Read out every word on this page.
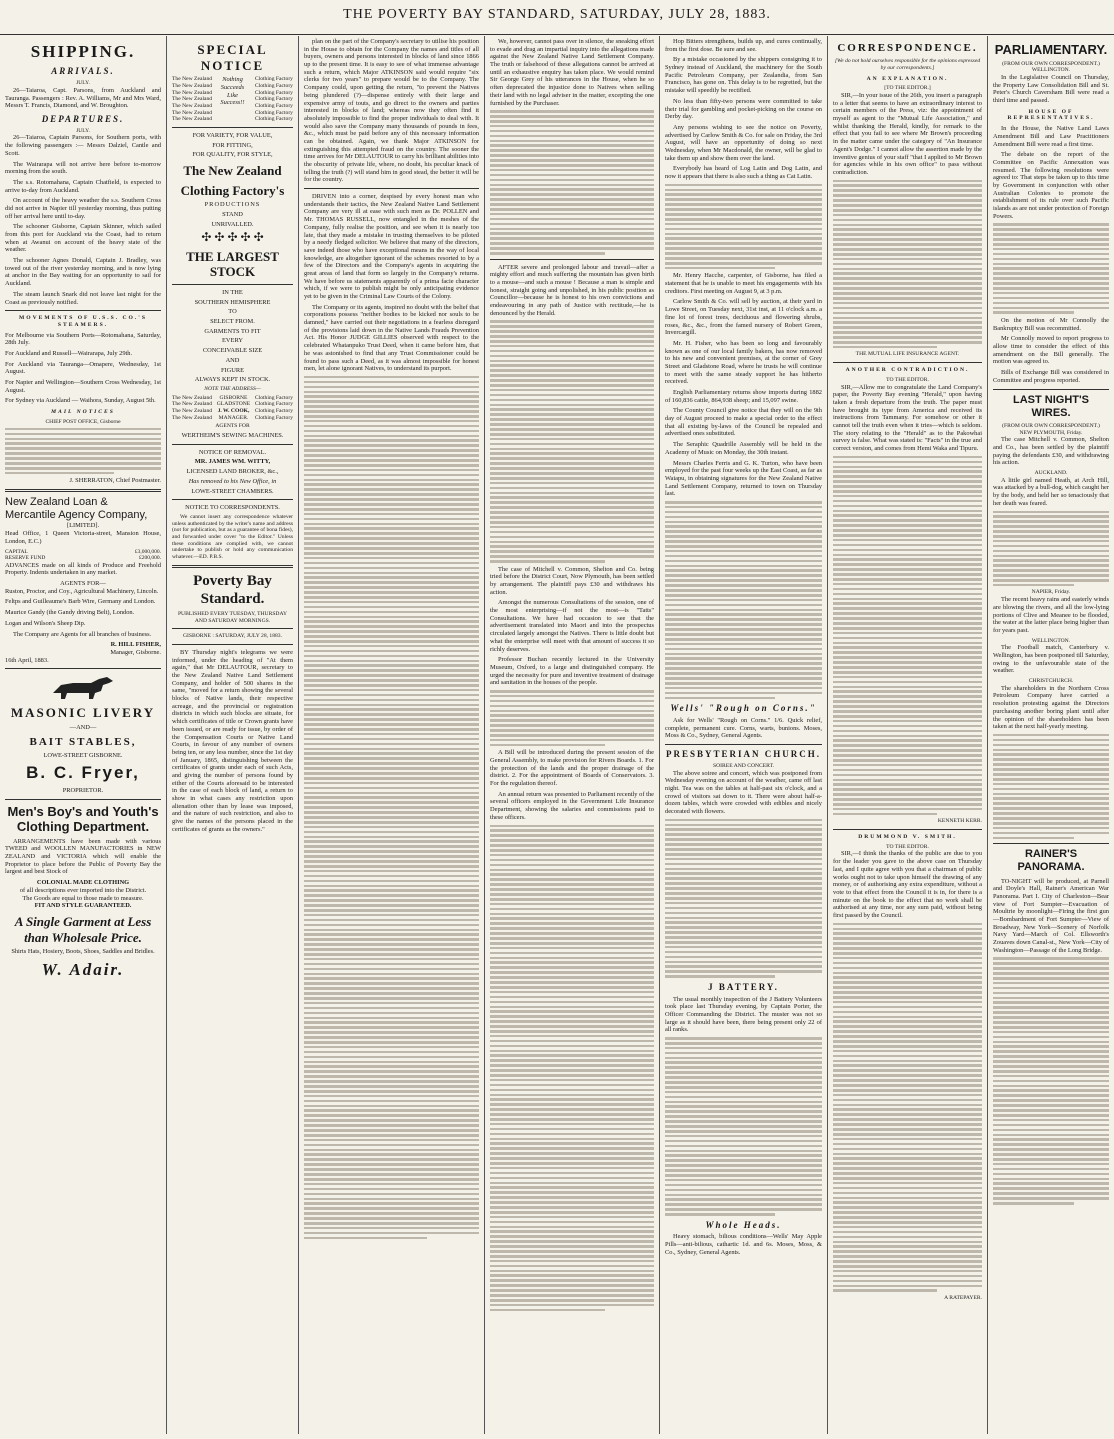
THE POVERTY BAY STANDARD, SATURDAY, JULY 28, 1883.
SHIPPING.
ARRIVALS.
JULY.

26—Taiaroa, Capt. Parsons, from Auckland and Tauranga. Passengers : Rev. A. Williams, Mr and Mrs Ward, Messrs T. Francis, Diamond, and W. Broughton.

DEPARTURES.
JULY.

26—Taiaroa, Captain Parsons, for Southern ports, with the following passengers :— Messrs Dalziel, Cantle and Scott.

The Wairarapa will not arrive here before to-morrow morning from the south.

The s.s. Rotomahana, Captain Chatfield, is expected to arrive to-day from Auckland.

On account of the heavy weather the s.s. Southern Cross did not arrive in Napier till yesterday morning, thus putting off her arrival here until to-day.

The schooner Gisborne, Captain Skinner, which sailed from this port for Auckland via the Coast, had to return when at Awanui on account of the heavy state of the weather.

The schooner Agnes Donald, Captain J. Bradley, was towed out of the river yesterday morning, and is now lying at anchor in the Bay waiting for an opportunity to sail for Auckland.

The steam launch Snark did not leave last night for the Coast as previously notified.

MOVEMENTS OF U.S.S. CO.'S STEAMERS.

For Melbourne via Southern Ports—Rotomahana, Saturday, 28th July.

For Auckland and Russell—Wairarapa, July 29th.

For Auckland via Tauranga—Omapere, Wednesday, 1st August.

For Napier and Wellington—Southern Cross Wednesday, 1st August.

For Sydney via Auckland — Waihora, Sunday, August 5th.

MAIL NOTICES
CHIEF POST OFFICE, Gisborne
J. SHERRATON, Chief Postmaster.
New Zealand Loan & Mercantile Agency Company,
[LIMITED].

Head Office, 1 Queen Victoria-street, Mansion House, London, E.C.)

CAPITAL	£3,000,000.
RESERVE FUND	£200,000.

ADVANCES made on all kinds of Produce and Freehold Property. Indents undertaken in any market.

AGENTS FOR—

Ruston, Proctor, and Coy., Agricultural Machinery, Lincoln.

Feltps and Guilleaume's Barb Wire, Germany and London.

Maurice Gandy (the Gandy driving Belt), London.

Logan and Wilson's Sheep Dip.

The Company are Agents for all branches of business.

R. HILL FISHER,
Manager, Gisborne.
16th April, 1883.
MASONIC LIVERY
—AND—
BAIT STABLES,
LOWE-STREET GISBORNE.
B. C. Fryer,
PROPRIETOR.
Men's Boy's and Youth's Clothing Department.

ARRANGEMENTS have been made with various TWEED and WOOLLEN MANUFACTORIES in NEW ZEALAND and VICTORIA which will enable the Proprietor to place before the Public of Poverty Bay the largest and best Stock of

COLONIAL MADE CLOTHING
of all descriptions ever imported into the District.
The Goods are equal to those made to measure.
FIT AND STYLE GUARANTEED.
A Single Garment at Less than Wholesale Price.
Shirts Hats, Hosiery, Boots, Shoes, Saddles and Bridles.
W. Adair.
SPECIAL NOTICE
The New Zealand
The New Zealand
The New Zealand
The New Zealand
The New Zealand
The New Zealand
The New Zealand
Nothing
Succeeds
Like
Success!!
Clothing Factory
Clothing Factory
Clothing Factory
Clothing Factory
Clothing Factory
Clothing Factory
Clothing Factory
FOR VARIETY, FOR VALUE,
FOR FITTING,
FOR QUALITY, FOR STYLE,
The New Zealand
Clothing Factory's
PRODUCTIONS
STAND
UNRIVALLED.
✣ ✣ ✣ ✣ ✣
THE LARGEST STOCK
IN THE
SOUTHERN HEMISPHERE
TO
SELECT FROM.
GARMENTS TO FIT
EVERY
CONCEIVABLE SIZE
AND
FIGURE
ALWAYS KEPT IN STOCK.
NOTE THE ADDRESS—
The New Zealand
The New Zealand
The New Zealand
The New Zealand
GISBORNE
GLADSTONE
J. W. COOK,
MANAGER.
Clothing Factory
Clothing Factory
Clothing Factory
Clothing Factory
AGENTS FOR
WERTHEIM'S SEWING MACHINES.
NOTICE OF REMOVAL.
MR. JAMES WM. WITTY,
LICENSED LAND BROKER, &c.,
Has removed to his New Office, in
LOWE-STREET CHAMBERS.
NOTICE TO CORRESPONDENTS.

We cannot insert any correspondence whatever unless authenticated by the writer's name and address (not for publication, but as a guarantee of bona fides), and forwarded under cover "to the Editor." Unless these conditions are complied with, we cannot undertake to publish or hold any communication whatever.—ED. P.B.S.

Poverty Bay Standard.
PUBLISHED EVERY TUESDAY, THURSDAY AND SATURDAY MORNINGS.
GISBORNE : SATURDAY, JULY 28, 1883.

BY Thursday night's telegrams we were informed, under the heading of "At them again," that Mr DELAUTOUR, secretary to the New Zealand Native Land Settlement Company, and holder of 500 shares in the same, "moved for a return showing the several blocks of Native lands, their respective acreage, and the provincial or registration districts in which such blocks are situate, for which certificates of title or Crown grants have been issued, or are ready for issue, by order of the Compensation Courts or Native Land Courts, in favour of any number of owners being ten, or any less number, since the 1st day of January, 1865, distinguishing between the certificates of grants under each of such Acts, and giving the number of persons found by either of the Courts aforesaid to be interested in the case of each block of land, a return to show in what cases any restriction upon alienation other than by lease was imposed, and the nature of such restriction, and also to give the names of the persons placed in the certificates of grants as the owners."

plan on the part of the Company's secretary to utilise his position in the House to obtain for the Company the names and titles of all buyers, owners and persons interested in blocks of land since 1866 up to the present time. It is easy to see of what immense advantage such a return, which Major ATKINSON said would require "six clerks for two years" to prepare would be to the Company. The Company could, upon getting the return, "to prevent the Natives being plundered (?)—dispense entirely with their large and expensive army of touts, and go direct to the owners and parties interested in blocks of land; whereas now they often find it absolutely impossible to find the proper individuals to deal with. It would also save the Company many thousands of pounds in fees, &c., which must be paid before any of this necessary information can be obtained. Again, we thank Major ATKINSON for extinguishing this attempted fraud on the country. The sooner the time arrives for Mr DELAUTOUR to carry his brilliant abilities into the obscurity of private life, where, no doubt, his peculiar knack of telling the truth (?) will stand him in good stead, the better it will be for the country.

DRIVEN into a corner, despised by every honest man who understands their tactics, the New Zealand Native Land Settlement Company are very ill at ease with such men as Dr. POLLEN and Mr. THOMAS RUSSELL, now entangled in the meshes of the Company, fully realise the position, and see when it is nearly too late, that they made a mistake in trusting themselves to be piloted by a needy fledged solicitor. We believe that many of the directors, save indeed those who have exceptional means in the way of local knowledge, are altogether ignorant of the schemes resorted to by a few of the Directors and the Company's agents in acquiring the great areas of land that form so largely in the Company's returns. We have before us statements apparently of a prima facie character which, if we were to publish might be only anticipating evidence yet to be given in the Criminal Law Courts of the Colony.

The Company or its agents, inspired no doubt with the belief that corporations possess "neither bodies to be kicked nor souls to be damned," have carried out their negotiations in a fearless disregard of the provisions laid down in the Native Lands Frauds Prevention Act. His Honor JUDGE GILLIES observed with respect to the celebrated Whatanpuko Trust Deed, when it came before him, that he was astonished to find that any Trust Commissioner could be found to pass such a Deed, as it was almost impossible for honest men, let alone ignorant Natives, to understand its purport.

We, however, cannot pass over in silence, the sneaking effort to evade and drag an impartial inquiry into the allegations made against the New Zealand Native Land Settlement Company. The truth or falsehood of these allegations cannot be arrived at until an exhaustive enquiry has taken place. We would remind Sir George Grey of his utterances in the House, when he so often deprecated the injustice done to Natives when selling their land with no legal adviser in the matter, excepting the one furnished by the Purchaser.

AFTER severe and prolonged labour and travail—after a mighty effort and much suffering the mountain has given birth to a mouse—and such a mouse ! Because a man is simple and honest, straight going and unpolished, in his public position as Councillor—because he is honest to his own convictions and endeavouring in any path of Justice with rectitude,—he is denounced by the Herald.

The case of Mitchell v. Common, Shelton and Co. being tried before the District Court, Now Plymouth, has been settled by arrangement. The plaintiff pays £30 and withdraws his action.

Amongst the numerous Consultations of the session, one of the most enterprising—if not the most—is "Tatts" Consultations. We have had occasion to see that the advertisement translated into Maori and into the prospectus circulated largely amongst the Natives. There is little doubt but what the enterprise will meet with that amount of success it so richly deserves.

Professor Buchan recently lectured in the University Museum, Oxford, to a large and distinguished company. He urged the necessity for pure and inventive treatment of drainage and sanitation in the houses of the people.

A Bill will be introduced during the present session of the General Assembly, to make provision for Rivers Boards. 1. For the protection of the lands and the proper drainage of the district. 2. For the appointment of Boards of Conservators. 3. For the regulation thereof.

An annual return was presented to Parliament recently of the several officers employed in the Government Life Insurance Department, showing the salaries and commissions paid to these officers.

Hop Bitters strengthens, builds up, and cures continually, from the first dose. Be sure and see.

By a mistake occasioned by the shippers consigning it to Sydney instead of Auckland, the machinery for the South Pacific Petroleum Company, per Zealandia, from San Francisco, has gone on. This delay is to be regretted, but the mistake will speedily be rectified.

No less than fifty-two persons were committed to take their trial for gambling and pocket-picking on the course on Derby day.

Any persons wishing to see the notice on Poverty, advertised by Carlow Smith & Co. for sale on Friday, the 3rd August, will have an opportunity of doing so next Wednesday, when Mr Macdonald, the owner, will be glad to take them up and show them over the land.

Everybody has heard of Log Latin and Dog Latin, and now it appears that there is also such a thing as Cat Latin.

Mr. Henry Hacche, carpenter, of Gisborne, has filed a statement that he is unable to meet his engagements with his creditors. First meeting on August 9, at 3 p.m.

Carlow Smith & Co. will sell by auction, at their yard in Lowe Street, on Tuesday next, 31st inst, at 11 o'clock a.m. a fine lot of forest trees, deciduous and flowering shrubs, roses, &c., &c., from the famed nursery of Robert Green, Invercargill.

Mr. H. Fisher, who has been so long and favourably known as one of our local family bakers, has now removed to his new and convenient premises, at the corner of Grey Street and Gladstone Road, where he trusts he will continue to meet with the same steady support he has hitherto received.

English Parliamentary returns show imports during 1882 of 160,836 cattle, 864,938 sheep; and 15,097 swine.

The County Council give notice that they will on the 9th day of August proceed to make a special order to the effect that all existing by-laws of the Council be repealed and advertised ones substituted.

The Seraphic Quadrille Assembly will be held in the Academy of Music on Monday, the 30th instant.

Messrs Charles Ferris and G. K. Turton, who have been employed for the past four weeks up the East Coast, as far as Waiapu, in obtaining signatures for the New Zealand Native Land Settlement Company, returned to town on Thursday last.

Wells' "Rough on Corns."

Ask for Wells' "Rough on Corns." 1/6. Quick relief, complete, permanent cure. Corns, warts, bunions. Moses, Moss & Co., Sydney, General Agents.

PRESBYTERIAN CHURCH.
SOIREE AND CONCERT.

The above soiree and concert, which was postponed from Wednesday evening on account of the weather, came off last night. Tea was on the tables at half-past six o'clock, and a crowd of visitors sat down to it. There were about half-a-dozen tables, which were crowded with edibles and nicely decorated with flowers.

J BATTERY.

The usual monthly inspection of the J Battery Volunteers took place last Thursday evening, by Captain Porter, the Officer Commanding the District. The muster was not so large as it should have been, there being present only 22 of all ranks.

Whole Heads.

Heavy stomach, bilious conditions—Wells' May Apple Pills—anti-bilious, cathartic 1d. and 6s. Moses, Moss, & Co., Sydney, General Agents.

CORRESPONDENCE.
[We do not hold ourselves responsible for the opinions expressed by our correspondents.]
AN EXPLANATION.
[TO THE EDITOR.]

SIR,—In your issue of the 26th, you insert a paragraph to a letter that seems to have an extraordinary interest to certain members of the Press, viz: the appointment of myself as agent to the "Mutual Life Association," and whilst thanking the Herald, kindly, for remark to the effect that you fail to see where Mr Brown's proceeding in the matter came under the category of "An Insurance Agent's Dodge." I cannot allow the assertion made by the inventive genius of your staff "that I applied to Mr Brown for agencies while in his own office" to pass without contradiction.

THE MUTUAL LIFE INSURANCE AGENT.
ANOTHER CONTRADICTION.
TO THE EDITOR.

SIR,—Allow me to congratulate the Land Company's paper, the Poverty Bay evening "Herald," upon having taken a fresh departure from the truth. The paper must have brought its type from America and received its instructions from Tammany. For somehow or other it cannot tell the truth even when it tries—which is seldom. The story relating to the "Herald" as to the Pakowhai survey is false. What was stated is: "Facts" in the true and correct version, and comes from Hemi Waka and Tipuru.

KENNETH KERR.
DRUMMOND V. SMITH.
TO THE EDITOR.

SIR,—I think the thanks of the public are due to you for the leader you gave to the above case on Thursday last, and I quite agree with you that a chairman of public works ought not to take upon himself the drawing of any money, or of authorising any extra expenditure, without a vote to that effect from the Council it is in, for there is a minute on the book to the effect that no work shall be authorised at any time, nor any sum paid, without being first passed by the Council.

A RATEPAYER.
PARLIAMENTARY.
(FROM OUR OWN CORRESPONDENT.)
WELLINGTON.

In the Legislative Council on Thursday, the Property Law Consolidation Bill and St. Peter's Church Caversham Bill were read a third time and passed.

HOUSE OF REPRESENTATIVES.

In the House, the Native Land Laws Amendment Bill and Law Practitioners Amendment Bill were read a first time.

The debate on the report of the Committee on Pacific Annexation was resumed. The following resolutions were agreed to: That steps be taken up to this time by Government in conjunction with other Australian Colonies to promote the establishment of its rule over such Pacific islands as are not under protection of Foreign Powers.

On the motion of Mr Connolly the Bankruptcy Bill was recommitted.

Mr Connolly moved to report progress to allow time to consider the effect of this amendment on the Bill generally. The motion was agreed to.

Bills of Exchange Bill was considered in Committee and progress reported.

LAST NIGHT'S WIRES.
(FROM OUR OWN CORRESPONDENT.)
NEW PLYMOUTH, Friday.

The case Mitchell v. Common, Shelton and Co., has been settled by the plaintiff paying the defendants £30, and withdrawing his action.

AUCKLAND.

A little girl named Heath, at Arch Hill, was attacked by a bull-dog, which caught her by the body, and held her so tenaciously that her death was feared.

NAPIER, Friday.

The recent heavy rains and easterly winds are blowing the rivers, and all the low-lying portions of Clive and Meanee to be flooded, the water at the latter place being higher than for years past.

WELLINGTON.

The Football match, Canterbury v. Wellington, has been postponed till Saturday, owing to the unfavourable state of the weather.

CHRISTCHURCH.

The shareholders in the Northern Cross Petroleum Company have carried a resolution protesting against the Directors purchasing another boring plant until after the opinion of the shareholders has been taken at the next half-yearly meeting.

RAINER'S PANORAMA.

TO-NIGHT will be produced, at Parnell and Doyle's Hall, Rainer's American War Panorama. Part I. City of Charleston—Bear view of Fort Sumpter—Evacuation of Moultrie by moonlight—Firing the first gun—Bombardment of Fort Sumpter—View of Broadway, New York—Scenery of Norfolk Navy Yard—March of Col. Ellsworth's Zouaves down Canal-st., New York—City of Washington—Passage of the Long Bridge.
